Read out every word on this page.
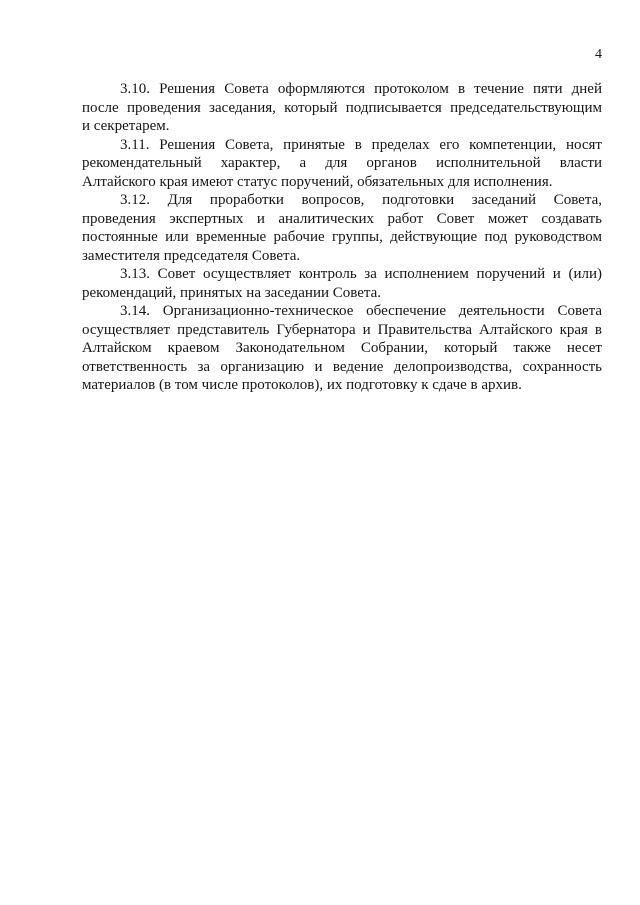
4
3.10. Решения Совета оформляются протоколом в течение пяти дней
после проведения заседания, который подписывается председательствующим
и секретарем.
3.11. Решения Совета, принятые в пределах его компетенции, носят
рекомендательный характер, а для органов исполнительной власти
Алтайского края имеют статус поручений, обязательных для исполнения.
3.12. Для проработки вопросов, подготовки заседаний Совета,
проведения экспертных и аналитических работ Совет может создавать
постоянные или временные рабочие группы, действующие под руководством
заместителя председателя Совета.
3.13. Совет осуществляет контроль за исполнением поручений и (или)
рекомендаций, принятых на заседании Совета.
3.14. Организационно-техническое обеспечение деятельности Совета
осуществляет представитель Губернатора и Правительства Алтайского края в
Алтайском краевом Законодательном Собрании, который также несет
ответственность за организацию и ведение делопроизводства, сохранность
материалов (в том числе протоколов), их подготовку к сдаче в архив.
